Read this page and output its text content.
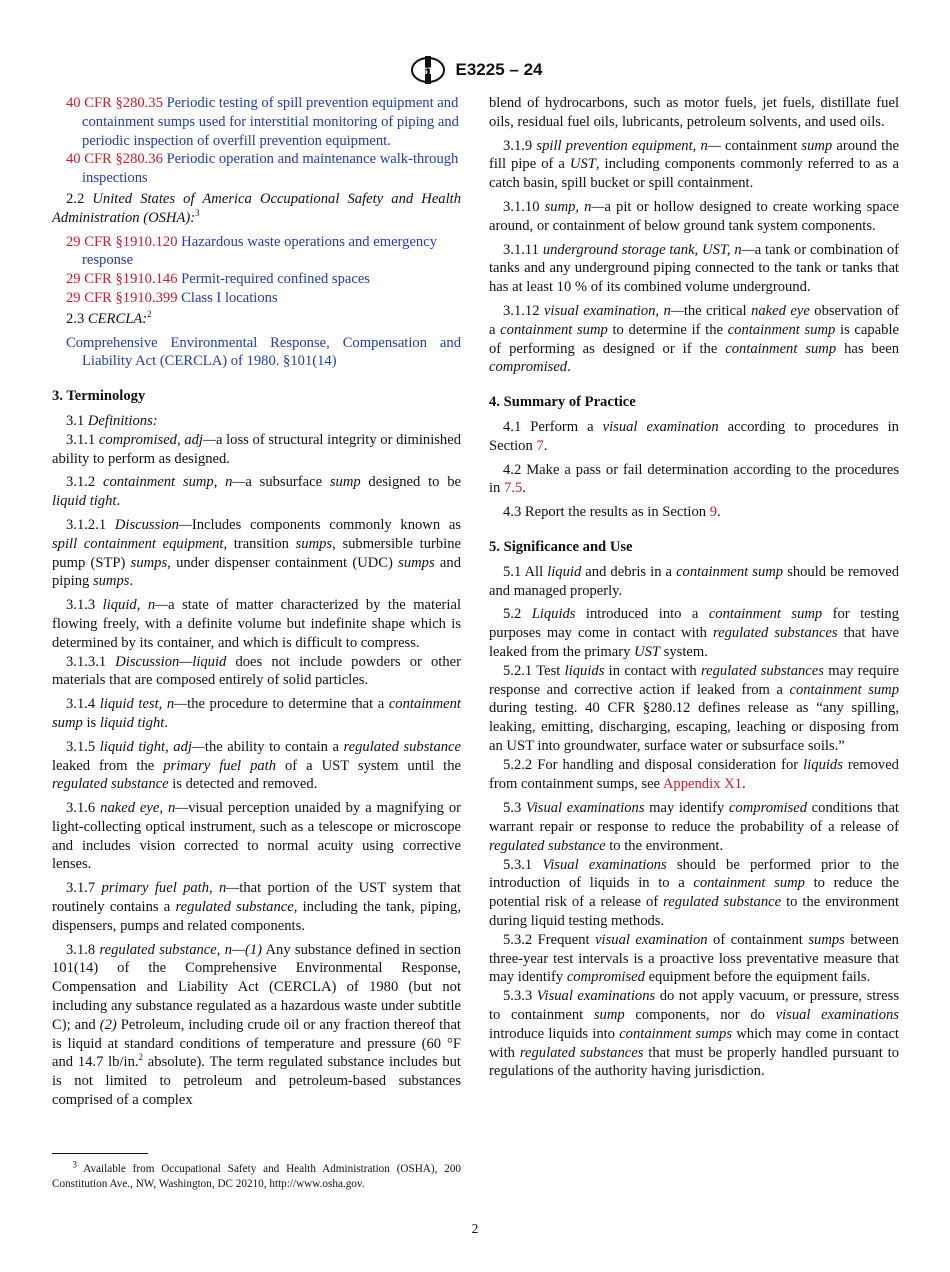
ASTM E3225 – 24

40 CFR §280.35 Periodic testing of spill prevention equipment and containment sumps used for interstitial monitoring of piping and periodic inspection of overfill prevention equipment.

40 CFR §280.36 Periodic operation and maintenance walk-through inspections

2.2 United States of America Occupational Safety and Health Administration (OSHA):$^3$

29 CFR §1910.120 Hazardous waste operations and emergency response

29 CFR §1910.146 Permit-required confined spaces

29 CFR §1910.399 Class I locations

2.3 CERCLA:$^2$

Comprehensive Environmental Response, Compensation and Liability Act (CERCLA) of 1980. §101(14)

3. Terminology

3.1 Definitions:

3.1.1 compromised, adj—a loss of structural integrity or diminished ability to perform as designed.

3.1.2 containment sump, n—a subsurface sump designed to be liquid tight.

3.1.2.1 Discussion—Includes components commonly known as spill containment equipment, transition sumps, submersible turbine pump (STP) sumps, under dispenser containment (UDC) sumps and piping sumps.

3.1.3 liquid, n—a state of matter characterized by the material flowing freely, with a definite volume but indefinite shape which is determined by its container, and which is difficult to compress.

3.1.3.1 Discussion—liquid does not include powders or other materials that are composed entirely of solid particles.

3.1.4 liquid test, n—the procedure to determine that a containment sump is liquid tight.

3.1.5 liquid tight, adj—the ability to contain a regulated substance leaked from the primary fuel path of a UST system until the regulated substance is detected and removed.

3.1.6 naked eye, n—visual perception unaided by a magnifying or light-collecting optical instrument, such as a telescope or microscope and includes vision corrected to normal acuity using corrective lenses.

3.1.7 primary fuel path, n—that portion of the UST system that routinely contains a regulated substance, including the tank, piping, dispensers, pumps and related components.

3.1.8 regulated substance, n—(1) Any substance defined in section 101(14) of the Comprehensive Environmental Response, Compensation and Liability Act (CERCLA) of 1980 (but not including any substance regulated as a hazardous waste under subtitle C); and (2) Petroleum, including crude oil or any fraction thereof that is liquid at standard conditions of temperature and pressure (60 °F and 14.7 lb/in.$^2$ absolute). The term regulated substance includes but is not limited to petroleum and petroleum-based substances comprised of a complex

blend of hydrocarbons, such as motor fuels, jet fuels, distillate fuel oils, residual fuel oils, lubricants, petroleum solvents, and used oils.

3.1.9 spill prevention equipment, n— containment sump around the fill pipe of a UST, including components commonly referred to as a catch basin, spill bucket or spill containment.

3.1.10 sump, n—a pit or hollow designed to create working space around, or containment of below ground tank system components.

3.1.11 underground storage tank, UST, n—a tank or combination of tanks and any underground piping connected to the tank or tanks that has at least 10 % of its combined volume underground.

3.1.12 visual examination, n—the critical naked eye observation of a containment sump to determine if the containment sump is capable of performing as designed or if the containment sump has been compromised.

4. Summary of Practice

4.1 Perform a visual examination according to procedures in Section 7.

4.2 Make a pass or fail determination according to the procedures in 7.5.

4.3 Report the results as in Section 9.

5. Significance and Use

5.1 All liquid and debris in a containment sump should be removed and managed properly.

5.2 Liquids introduced into a containment sump for testing purposes may come in contact with regulated substances that have leaked from the primary UST system.

5.2.1 Test liquids in contact with regulated substances may require response and corrective action if leaked from a containment sump during testing. 40 CFR §280.12 defines release as “any spilling, leaking, emitting, discharging, escaping, leaching or disposing from an UST into groundwater, surface water or subsurface soils.”

5.2.2 For handling and disposal consideration for liquids removed from containment sumps, see Appendix X1.

5.3 Visual examinations may identify compromised conditions that warrant repair or response to reduce the probability of a release of regulated substance to the environment.

5.3.1 Visual examinations should be performed prior to the introduction of liquids in to a containment sump to reduce the potential risk of a release of regulated substance to the environment during liquid testing methods.

5.3.2 Frequent visual examination of containment sumps between three-year test intervals is a proactive loss preventative measure that may identify compromised equipment before the equipment fails.

5.3.3 Visual examinations do not apply vacuum, or pressure, stress to containment sump components, nor do visual examinations introduce liquids into containment sumps which may come in contact with regulated substances that must be properly handled pursuant to regulations of the authority having jurisdiction.

$^3$ Available from Occupational Safety and Health Administration (OSHA), 200 Constitution Ave., NW, Washington, DC 20210, http://www.osha.gov.
2
